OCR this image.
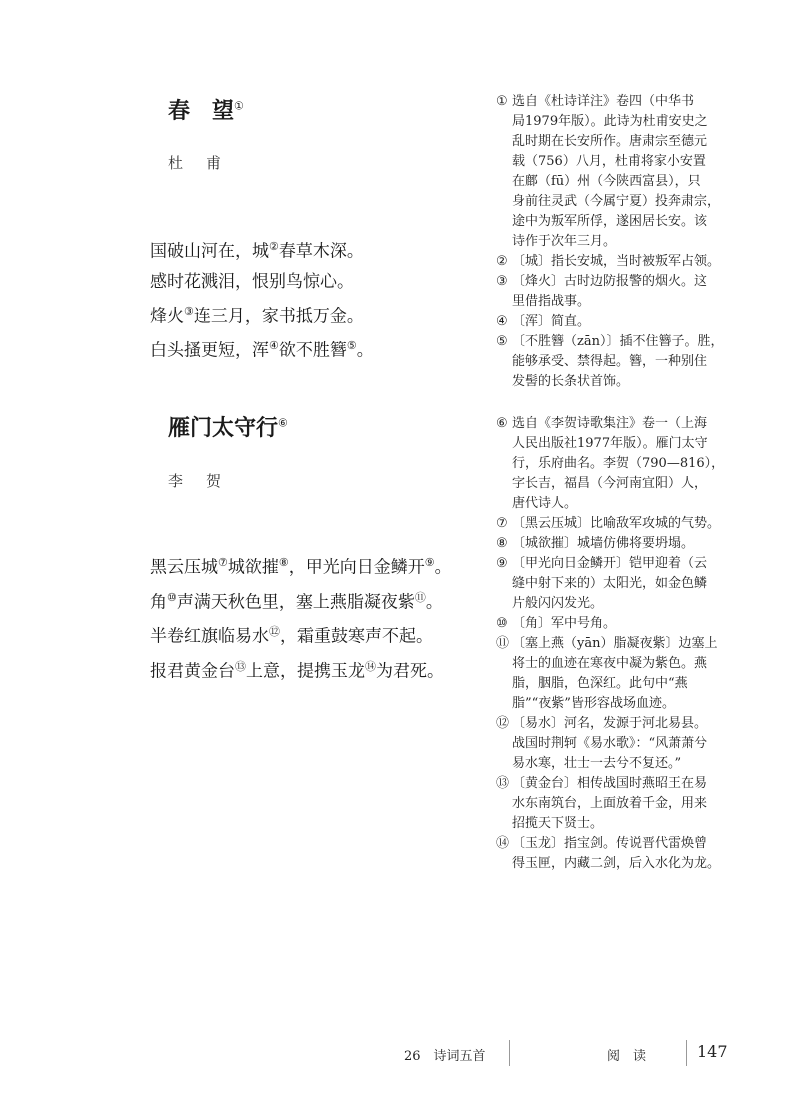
春　望①
杜　甫
国破山河在，城②春草木深。
感时花溅泪，恨别鸟惊心。
烽火③连三月，家书抵万金。
白头搔更短，浑④欲不胜簪⑤。
雁门太守行⑥
李　贺
黑云压城⑦城欲摧⑧，甲光向日金鳞开⑨。
角⑩声满天秋色里，塞上燕脂凝夜紫⑪。
半卷红旗临易水⑫，霜重鼓寒声不起。
报君黄金台⑬上意，提携玉龙⑭为君死。
① 选自《杜诗详注》卷四（中华书
局1979年版）。此诗为杜甫安史之
乱时期在长安所作。唐肃宗至德元
载（756）八月，杜甫将家小安置
在鄜（fū）州（今陕西富县），只
身前往灵武（今属宁夏）投奔肃宗，
途中为叛军所俘，遂困居长安。该
诗作于次年三月。
② 〔城〕指长安城，当时被叛军占领。
③ 〔烽火〕古时边防报警的烟火。这
里借指战事。
④ 〔浑〕简直。
⑤ 〔不胜簪（zān）〕插不住簪子。胜，
能够承受、禁得起。簪，一种别住
发髻的长条状首饰。
⑥ 选自《李贺诗歌集注》卷一（上海
人民出版社1977年版）。雁门太守
行，乐府曲名。李贺（790—816），
字长吉，福昌（今河南宜阳）人，
唐代诗人。
⑦ 〔黑云压城〕比喻敌军攻城的气势。
⑧ 〔城欲摧〕城墙仿佛将要坍塌。
⑨ 〔甲光向日金鳞开〕铠甲迎着（云
缝中射下来的）太阳光，如金色鳞
片般闪闪发光。
⑩ 〔角〕军中号角。
⑪ 〔塞上燕（yān）脂凝夜紫〕边塞上
将士的血迹在寒夜中凝为紫色。燕
脂，胭脂，色深红。此句中“燕
脂”“夜紫”皆形容战场血迹。
⑫ 〔易水〕河名，发源于河北易县。
战国时荆轲《易水歌》：“风萧萧兮
易水寒，壮士一去兮不复还。”
⑬ 〔黄金台〕相传战国时燕昭王在易
水东南筑台，上面放着千金，用来
招揽天下贤士。
⑭ 〔玉龙〕指宝剑。传说晋代雷焕曾
得玉匣，内藏二剑，后入水化为龙。
26　诗词五首	阅　读	147
